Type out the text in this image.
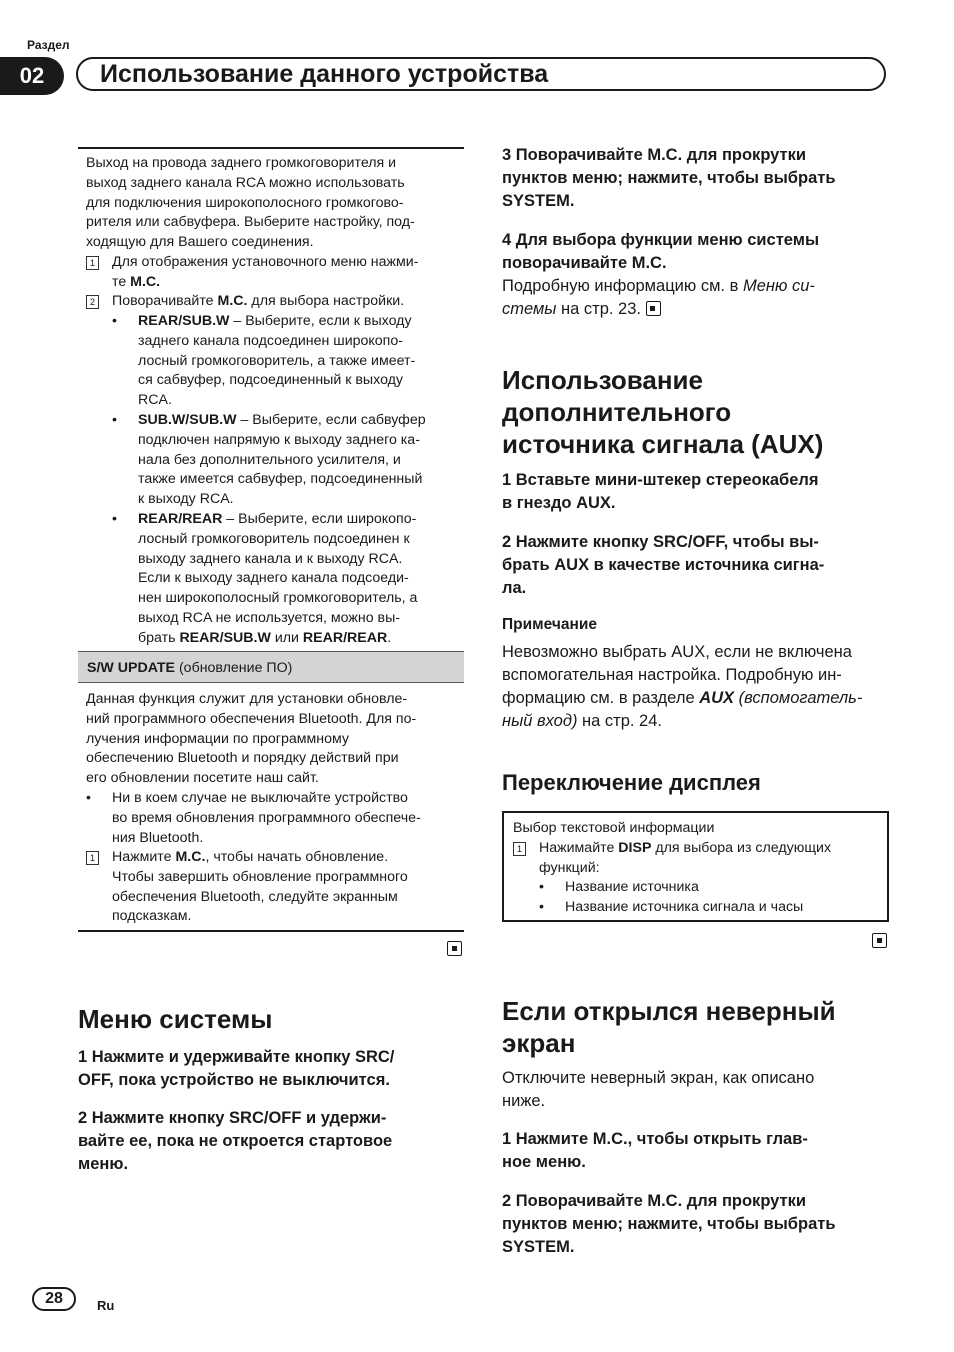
Раздел
02	Использование данного устройства
Выход на провода заднего громкоговорителя и
выход заднего канала RCA можно использовать
для подключения широкополосного громкогово-
рителя или сабвуфера. Выберите настройку, под-
ходящую для Вашего соединения.
1 Для отображения установочного меню нажми-
те M.C.
2 Поворачивайте M.C. для выбора настройки.
• REAR/SUB.W – Выберите, если к выходу
заднего канала подсоединен широкопо-
лосный громкоговоритель, а также имеет-
ся сабвуфер, подсоединенный к выходу
RCA.
• SUB.W/SUB.W – Выберите, если сабвуфер
подключен напрямую к выходу заднего ка-
нала без дополнительного усилителя, и
также имеется сабвуфер, подсоединенный
к выходу RCA.
• REAR/REAR – Выберите, если широкопо-
лосный громкоговоритель подсоединен к
выходу заднего канала и к выходу RCA.
Если к выходу заднего канала подсоеди-
нен широкополосный громкоговоритель, а
выход RCA не используется, можно вы-
брать REAR/SUB.W или REAR/REAR.
S/W UPDATE (обновление ПО)
Данная функция служит для установки обновле-
ний программного обеспечения Bluetooth. Для по-
лучения информации по программному
обеспечению Bluetooth и порядку действий при
его обновлении посетите наш сайт.
• Ни в коем случае не выключайте устройство
во время обновления программного обеспече-
ния Bluetooth.
1 Нажмите M.C., чтобы начать обновление.
Чтобы завершить обновление программного
обеспечения Bluetooth, следуйте экранным
подсказкам.
Меню системы
1 Нажмите и удерживайте кнопку SRC/
OFF, пока устройство не выключится.
2 Нажмите кнопку SRC/OFF и удержи-
вайте ее, пока не откроется стартовое
меню.
3 Поворачивайте M.C. для прокрутки
пунктов меню; нажмите, чтобы выбрать
SYSTEM.
4 Для выбора функции меню системы
поворачивайте M.C.
Подробную информацию см. в Меню си-
стемы на стр. 23.
Использование
дополнительного
источника сигнала (AUX)
1 Вставьте мини-штекер стереокабеля
в гнездо AUX.
2 Нажмите кнопку SRC/OFF, чтобы вы-
брать AUX в качестве источника сигна-
ла.
Примечание
Невозможно выбрать AUX, если не включена
вспомогательная настройка. Подробную ин-
формацию см. в разделе AUX (вспомогатель-
ный вход) на стр. 24.
Переключение дисплея
Выбор текстовой информации
1 Нажимайте DISP для выбора из следующих
функций:
• Название источника
• Название источника сигнала и часы
Если открылся неверный
экран
Отключите неверный экран, как описано
ниже.
1 Нажмите M.C., чтобы открыть глав-
ное меню.
2 Поворачивайте M.C. для прокрутки
пунктов меню; нажмите, чтобы выбрать
SYSTEM.
28	Ru
